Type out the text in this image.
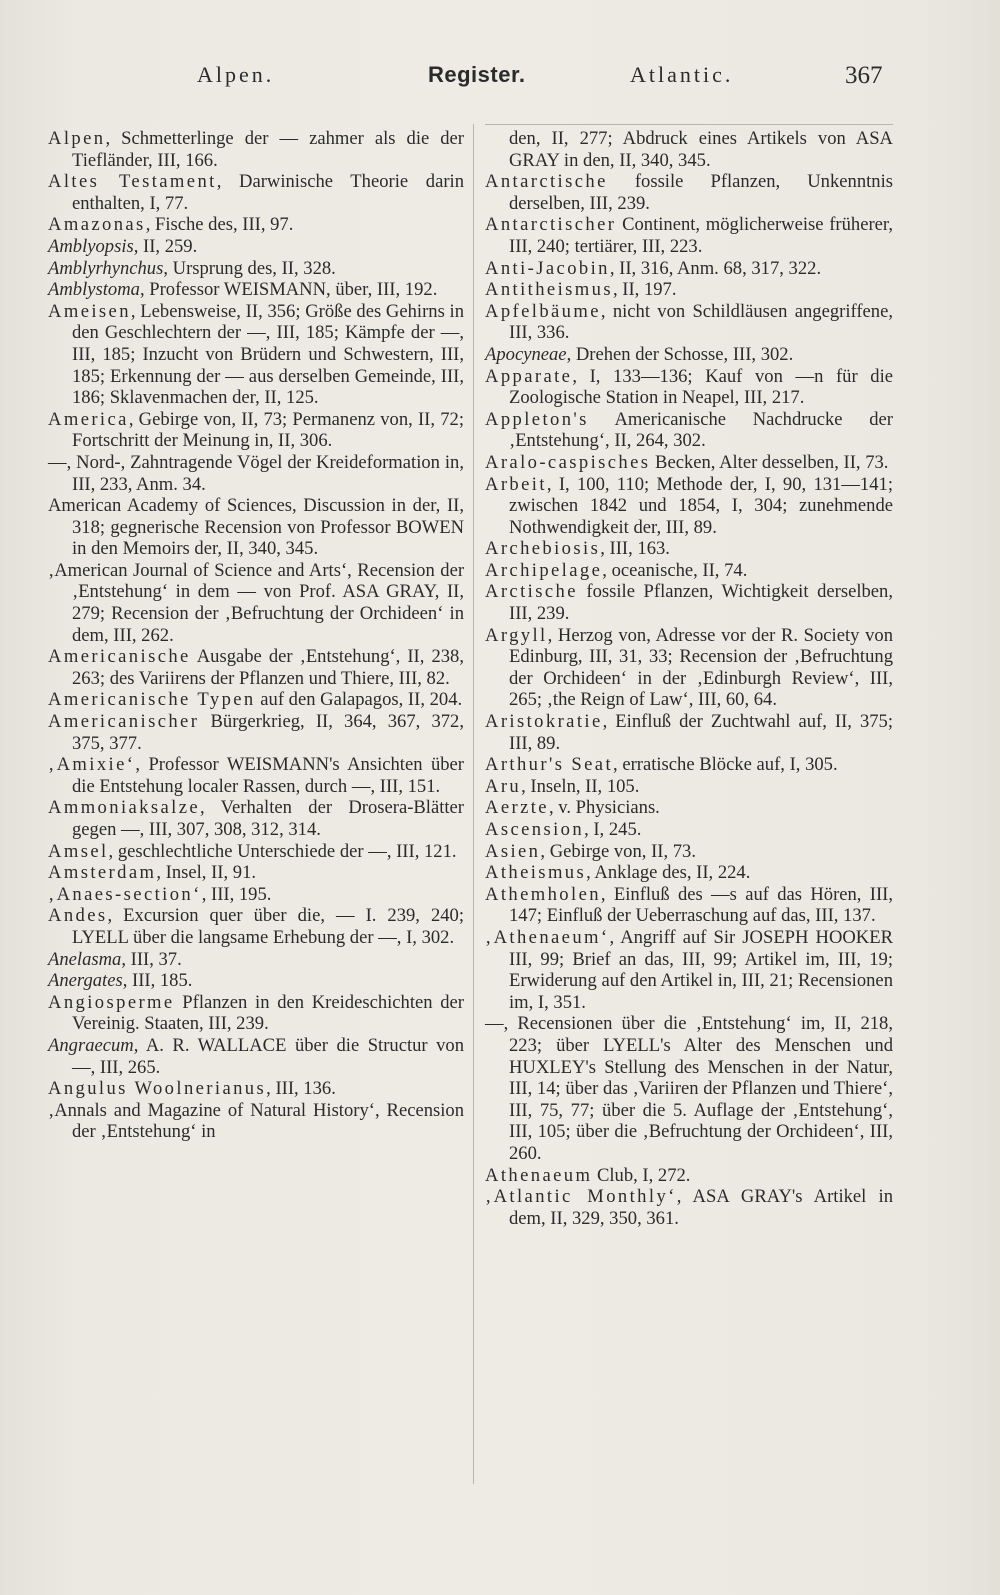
Alpen.	Register.	Atlantic.	367

Alpen, Schmetterlinge der — zahmer als die der Tiefländer, III, 166.

Altes Testament, Darwinische Theorie darin enthalten, I, 77.

Amazonas, Fische des, III, 97.

Amblyopsis, II, 259.

Amblyrhynchus, Ursprung des, II, 328.

Amblystoma, Professor WEISMANN, über, III, 192.

Ameisen, Lebensweise, II, 356; Größe des Gehirns in den Geschlechtern der —, III, 185; Kämpfe der —, III, 185; Inzucht von Brüdern und Schwestern, III, 185; Erkennung der — aus derselben Gemeinde, III, 186; Sklavenmachen der, II, 125.

America, Gebirge von, II, 73; Permanenz von, II, 72; Fortschritt der Meinung in, II, 306.

—, Nord-, Zahntragende Vögel der Kreideformation in, III, 233, Anm. 34.

American Academy of Sciences, Discussion in der, II, 318; gegnerische Recension von Professor BOWEN in den Memoirs der, II, 340, 345.

‚American Journal of Science and Arts‘, Recension der ‚Entstehung‘ in dem — von Prof. ASA GRAY, II, 279; Recension der ‚Befruchtung der Orchideen‘ in dem, III, 262.

Americanische Ausgabe der ‚Entstehung‘, II, 238, 263; des Variirens der Pflanzen und Thiere, III, 82.

Americanische Typen auf den Galapagos, II, 204.

Americanischer Bürgerkrieg, II, 364, 367, 372, 375, 377.

‚Amixie‘, Professor WEISMANN's Ansichten über die Entstehung localer Rassen, durch —, III, 151.

Ammoniaksalze, Verhalten der Drosera-Blätter gegen —, III, 307, 308, 312, 314.

Amsel, geschlechtliche Unterschiede der —, III, 121.

Amsterdam, Insel, II, 91.

‚Anaes-section‘, III, 195.

Andes, Excursion quer über die, — I. 239, 240; LYELL über die langsame Erhebung der —, I, 302.

Anelasma, III, 37.

Anergates, III, 185.

Angiosperme Pflanzen in den Kreideschichten der Vereinig. Staaten, III, 239.

Angraecum, A. R. WALLACE über die Structur von —, III, 265.

Angulus Woolnerianus, III, 136.

‚Annals and Magazine of Natural History‘, Recension der ‚Entstehung‘ in

den, II, 277; Abdruck eines Artikels von ASA GRAY in den, II, 340, 345.

Antarctische fossile Pflanzen, Unkenntnis derselben, III, 239.

Antarctischer Continent, möglicherweise früherer, III, 240; tertiärer, III, 223.

Anti-Jacobin, II, 316, Anm. 68, 317, 322.

Antitheismus, II, 197.

Apfelbäume, nicht von Schildläusen angegriffene, III, 336.

Apocyneae, Drehen der Schosse, III, 302.

Apparate, I, 133—136; Kauf von —n für die Zoologische Station in Neapel, III, 217.

Appleton's Americanische Nachdrucke der ‚Entstehung‘, II, 264, 302.

Aralo-caspisches Becken, Alter desselben, II, 73.

Arbeit, I, 100, 110; Methode der, I, 90, 131—141; zwischen 1842 und 1854, I, 304; zunehmende Nothwendigkeit der, III, 89.

Archebiosis, III, 163.

Archipelage, oceanische, II, 74.

Arctische fossile Pflanzen, Wichtigkeit derselben, III, 239.

Argyll, Herzog von, Adresse vor der R. Society von Edinburg, III, 31, 33; Recension der ‚Befruchtung der Orchideen‘ in der ‚Edinburgh Review‘, III, 265; ‚the Reign of Law‘, III, 60, 64.

Aristokratie, Einfluß der Zuchtwahl auf, II, 375; III, 89.

Arthur's Seat, erratische Blöcke auf, I, 305.

Aru, Inseln, II, 105.

Aerzte, v. Physicians.

Ascension, I, 245.

Asien, Gebirge von, II, 73.

Atheismus, Anklage des, II, 224.

Athemholen, Einfluß des —s auf das Hören, III, 147; Einfluß der Ueberraschung auf das, III, 137.

‚Athenaeum‘, Angriff auf Sir JOSEPH HOOKER III, 99; Brief an das, III, 99; Artikel im, III, 19; Erwiderung auf den Artikel in, III, 21; Recensionen im, I, 351.

—, Recensionen über die ‚Entstehung‘ im, II, 218, 223; über LYELL's Alter des Menschen und HUXLEY's Stellung des Menschen in der Natur, III, 14; über das ‚Variiren der Pflanzen und Thiere‘, III, 75, 77; über die 5. Auflage der ‚Entstehung‘, III, 105; über die ‚Befruchtung der Orchideen‘, III, 260.

Athenaeum Club, I, 272.

‚Atlantic Monthly‘, ASA GRAY's Artikel in dem, II, 329, 350, 361.
